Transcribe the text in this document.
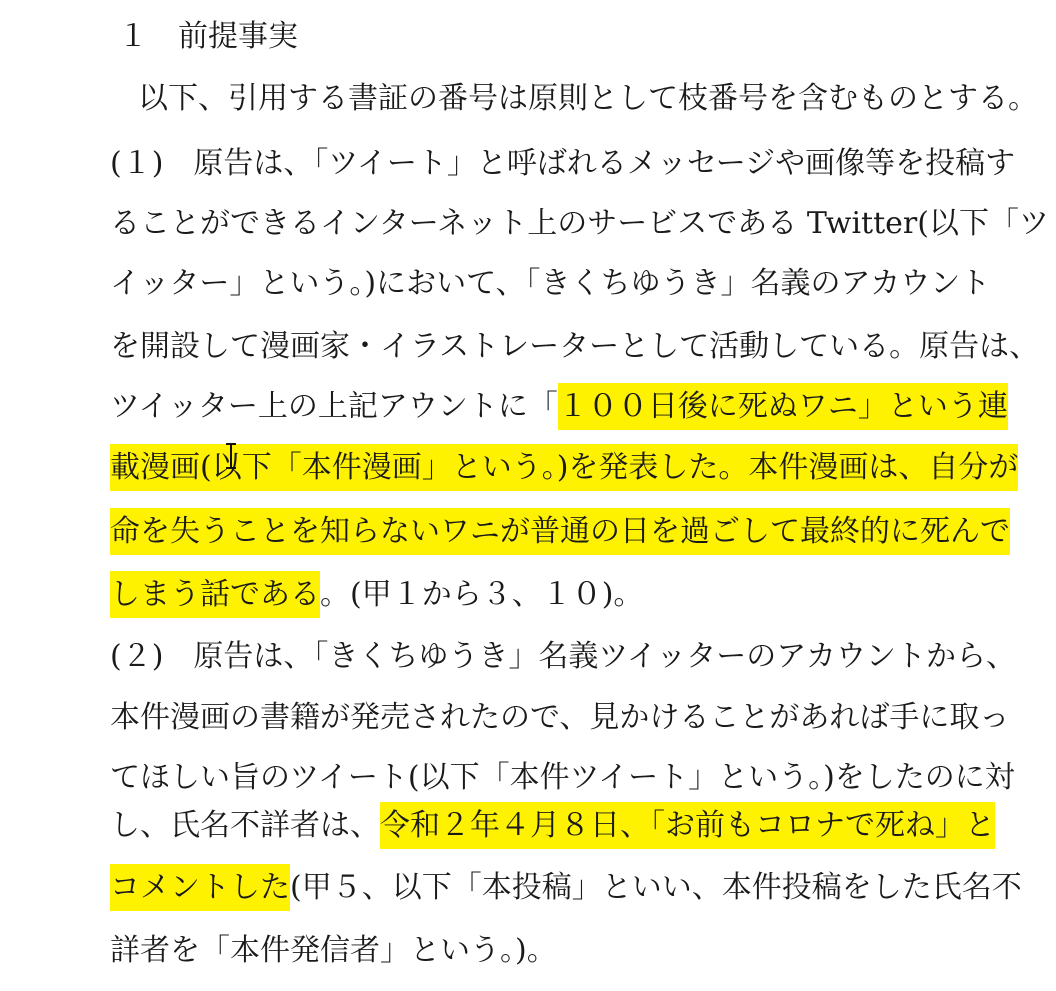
１　前提事実
以下、引用する書証の番号は原則として枝番号を含むものとする。
(１)　原告は、「ツイート」と呼ばれるメッセージや画像等を投稿す
ることができるインターネット上のサービスである Twitter(以下「ツ
イッター」という。)において、「きくちゆうき」名義のアカウント
を開設して漫画家・イラストレーターとして活動している。原告は、
ツイッター上の上記アウントに「１００日後に死ぬワニ」という連
載漫画(以下「本件漫画」という。)を発表した。本件漫画は、自分が
命を失うことを知らないワニが普通の日を過ごして最終的に死んで
しまう話である。(甲１から３、１０)。
(２)　原告は、「きくちゆうき」名義ツイッターのアカウントから、
本件漫画の書籍が発売されたので、見かけることがあれば手に取っ
てほしい旨のツイート(以下「本件ツイート」という。)をしたのに対
し、氏名不詳者は、令和２年４月８日、「お前もコロナで死ね」と
コメントした(甲５、以下「本投稿」といい、本件投稿をした氏名不
詳者を「本件発信者」という。)。
